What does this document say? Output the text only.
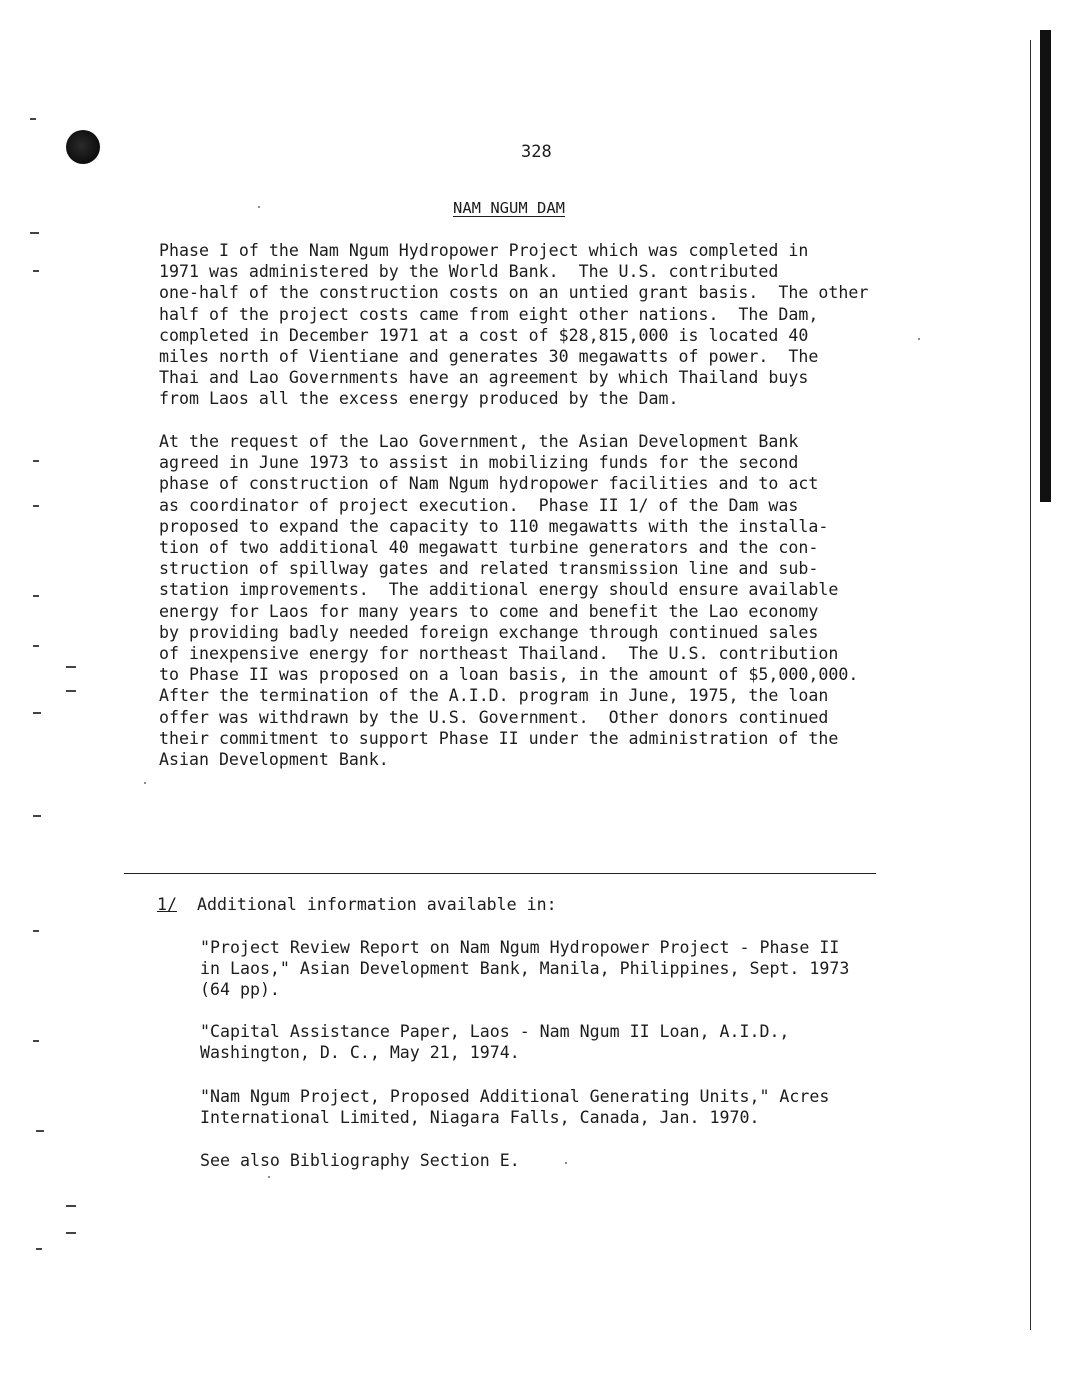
328
NAM NGUM DAM

Phase I of the Nam Ngum Hydropower Project which was completed in
1971 was administered by the World Bank.  The U.S. contributed
one-half of the construction costs on an untied grant basis.  The other
half of the project costs came from eight other nations.  The Dam,
completed in December 1971 at a cost of $28,815,000 is located 40
miles north of Vientiane and generates 30 megawatts of power.  The
Thai and Lao Governments have an agreement by which Thailand buys
from Laos all the excess energy produced by the Dam.

At the request of the Lao Government, the Asian Development Bank
agreed in June 1973 to assist in mobilizing funds for the second
phase of construction of Nam Ngum hydropower facilities and to act
as coordinator of project execution.  Phase II 1/ of the Dam was
proposed to expand the capacity to 110 megawatts with the installa-
tion of two additional 40 megawatt turbine generators and the con-
struction of spillway gates and related transmission line and sub-
station improvements.  The additional energy should ensure available
energy for Laos for many years to come and benefit the Lao economy
by providing badly needed foreign exchange through continued sales
of inexpensive energy for northeast Thailand.  The U.S. contribution
to Phase II was proposed on a loan basis, in the amount of $5,000,000.
After the termination of the A.I.D. program in June, 1975, the loan
offer was withdrawn by the U.S. Government.  Other donors continued
their commitment to support Phase II under the administration of the
Asian Development Bank.

1/ Additional information available in:

"Project Review Report on Nam Ngum Hydropower Project - Phase II
in Laos," Asian Development Bank, Manila, Philippines, Sept. 1973
(64 pp).

"Capital Assistance Paper, Laos - Nam Ngum II Loan, A.I.D.,
Washington, D. C., May 21, 1974.

"Nam Ngum Project, Proposed Additional Generating Units," Acres
International Limited, Niagara Falls, Canada, Jan. 1970.

See also Bibliography Section E.
